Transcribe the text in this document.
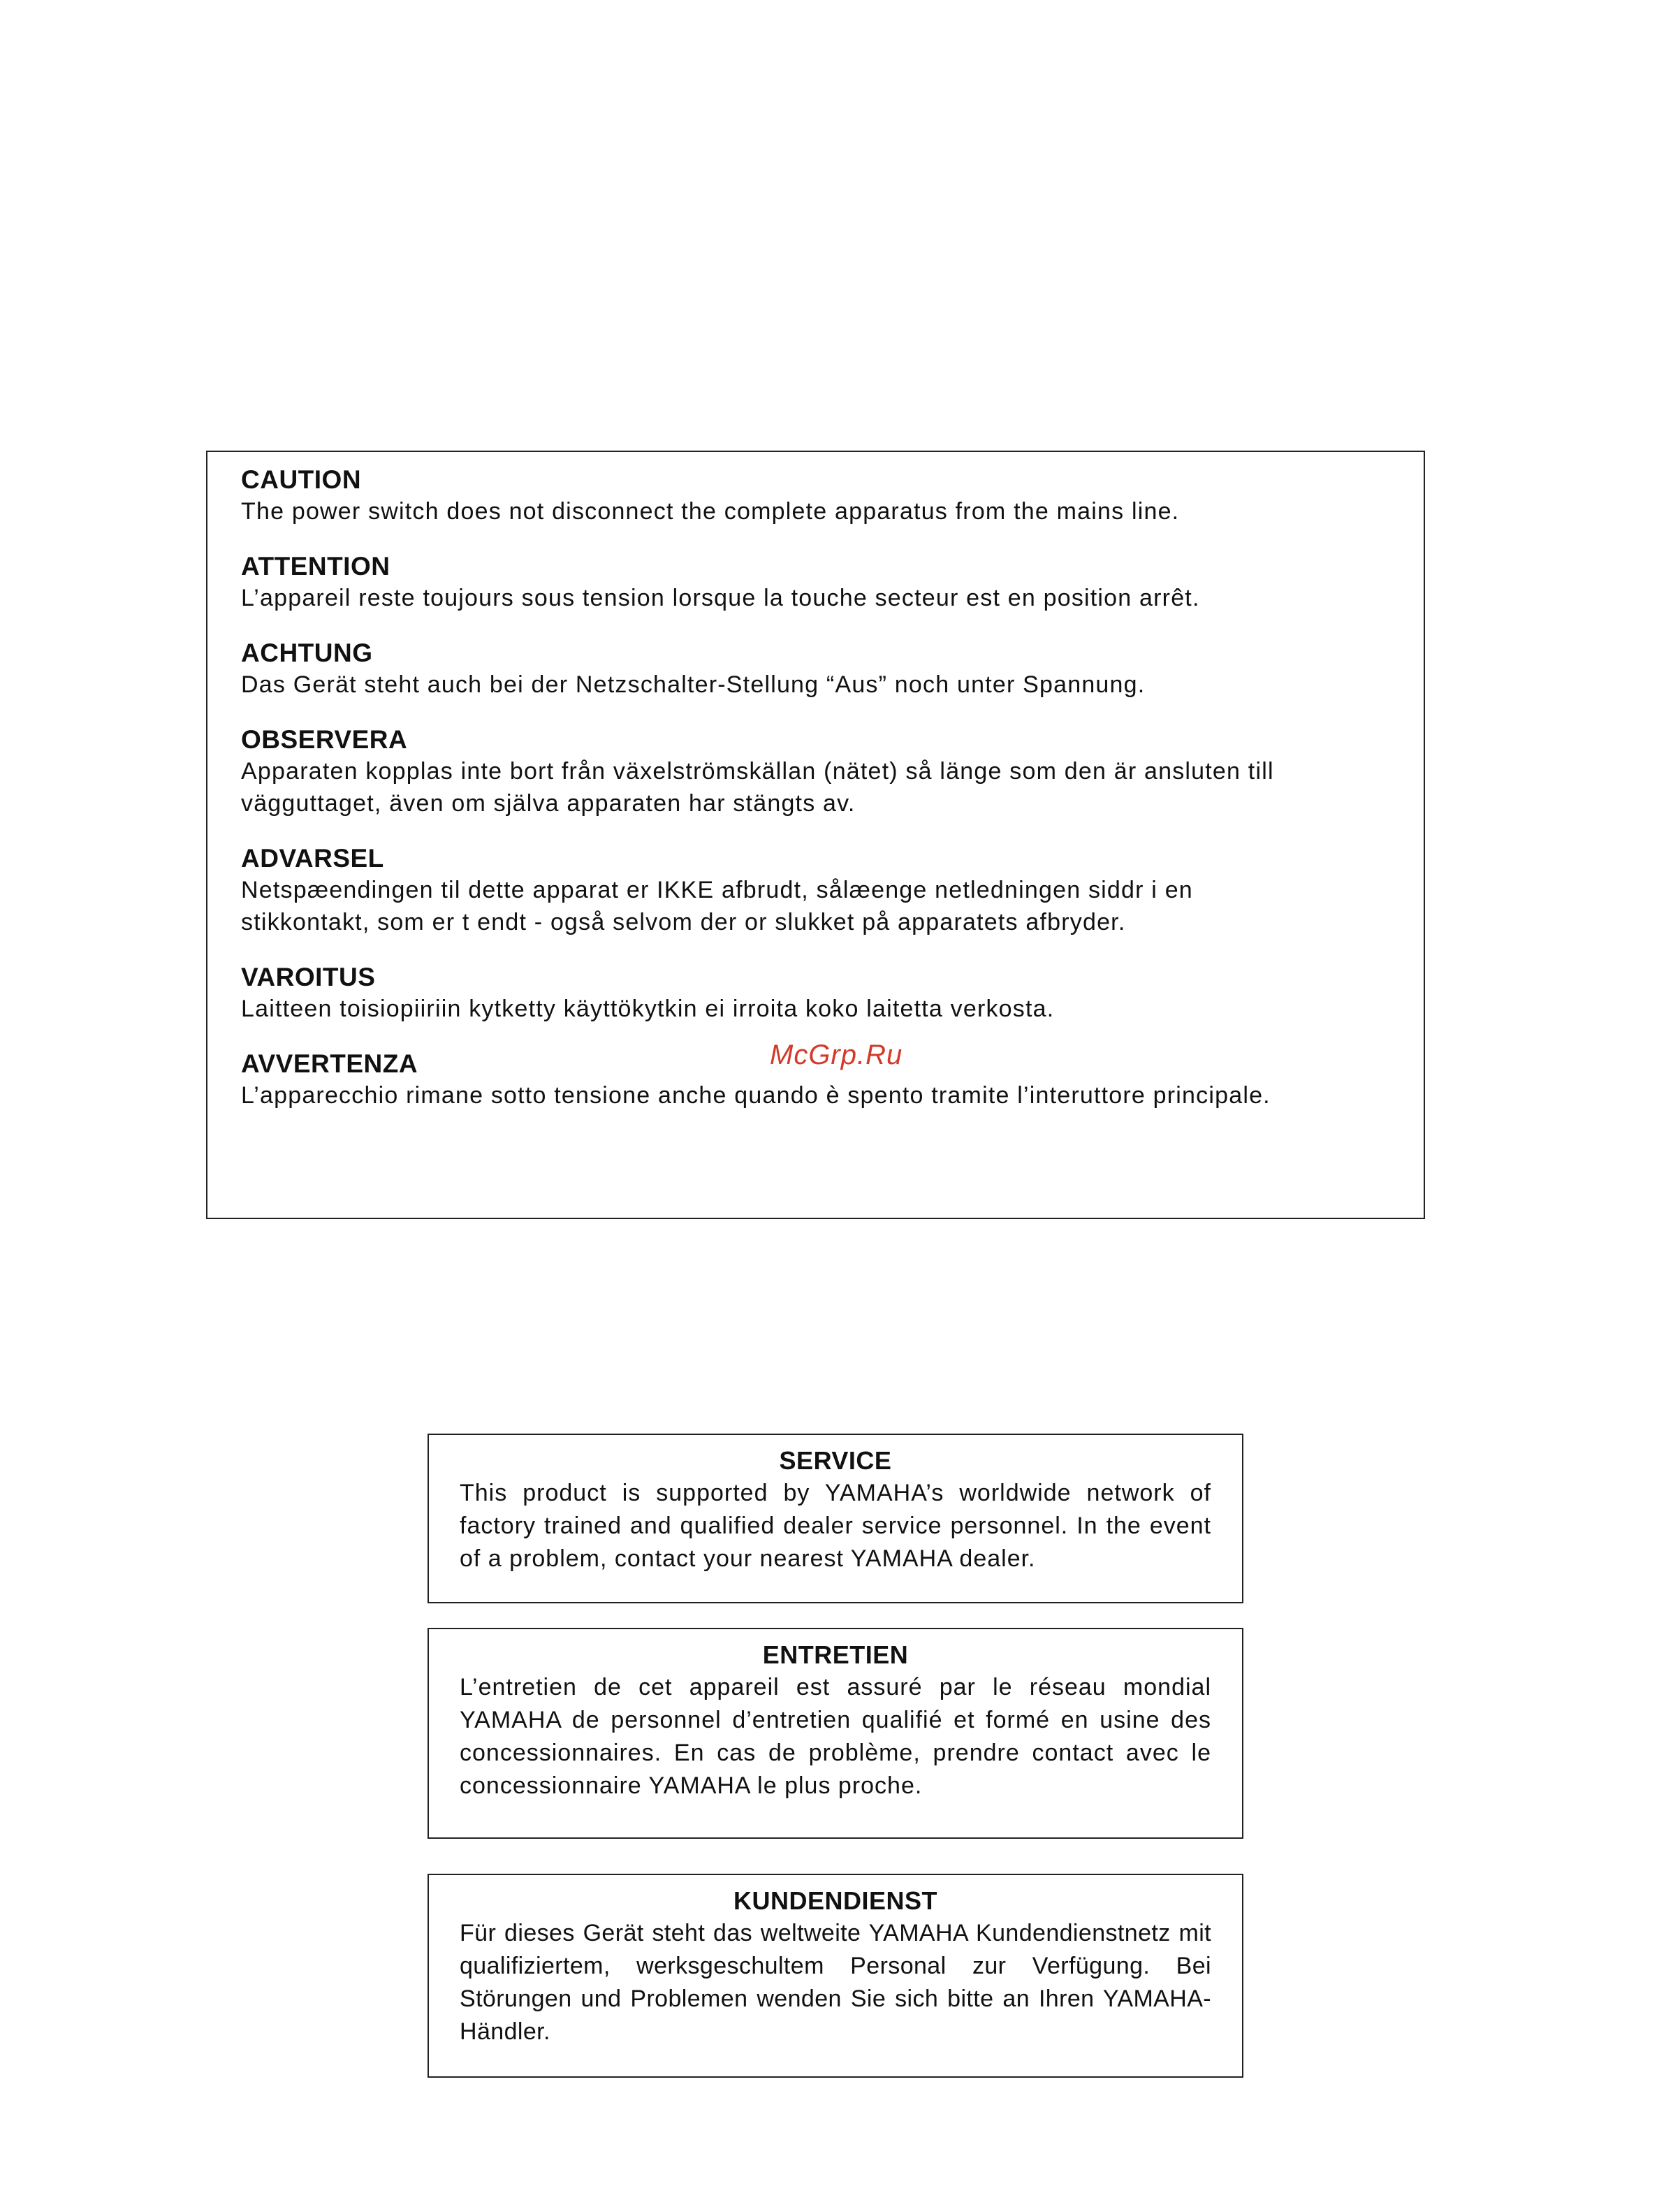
CAUTION

The power switch does not disconnect the complete apparatus from the mains line.

ATTENTION

L’appareil reste toujours sous tension lorsque la touche secteur est en position arrêt.

ACHTUNG

Das Gerät steht auch bei der Netzschalter-Stellung “Aus” noch unter Spannung.

OBSERVERA

Apparaten kopplas inte bort från växelströmskällan (nätet) så länge som den är ansluten till

vägguttaget, även om själva apparaten har stängts av.

ADVARSEL

Netspæendingen til dette apparat er IKKE afbrudt, sålæenge netledningen siddr i en

stikkontakt, som er t endt - også selvom der or slukket på apparatets afbryder.

VAROITUS

Laitteen toisiopiiriin kytketty käyttökytkin ei irroita koko laitetta verkosta.

AVVERTENZA

L’apparecchio rimane sotto tensione anche quando è spento tramite l’interuttore principale.

McGrp.Ru

SERVICE

This product is supported by YAMAHA’s worldwide network of factory trained and qualified dealer service personnel. In the event of a problem, contact your nearest YAMAHA dealer.

ENTRETIEN

L’entretien de cet appareil est assuré par le réseau mondial YAMAHA de personnel d’entretien qualifié et formé en usine des concessionnaires. En cas de problème, prendre contact avec le concessionnaire YAMAHA le plus proche.

KUNDENDIENST

Für dieses Gerät steht das weltweite YAMAHA Kundendienstnetz mit qualifiziertem, werksgeschultem Personal zur Verfügung. Bei Störungen und Problemen wenden Sie sich bitte an Ihren YAMAHA-Händler.
